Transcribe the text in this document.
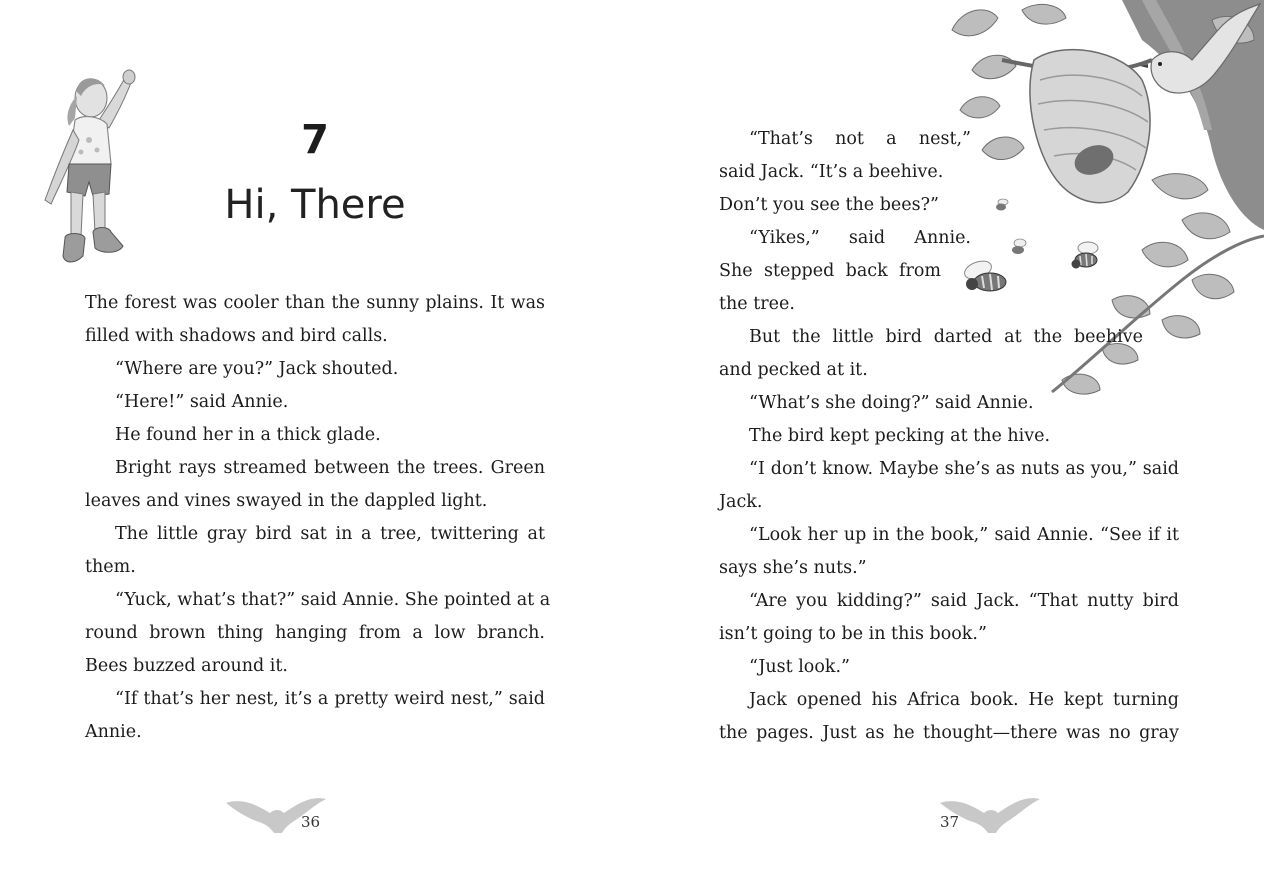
7
Hi, There

The forest was cooler than the sunny plains. It was

filled with shadows and bird calls.

“Where are you?” Jack shouted.

“Here!” said Annie.

He found her in a thick glade.

Bright rays streamed between the trees. Green

leaves and vines swayed in the dappled light.

The little gray bird sat in a tree, twittering at

them.

“Yuck, what’s that?” said Annie. She pointed at a

round brown thing hanging from a low branch.

Bees buzzed around it.

“If that’s her nest, it’s a pretty weird nest,” said

Annie.

36

“That’s not a nest,”

said Jack. “It’s a beehive.

Don’t you see the bees?”

“Yikes,” said Annie.

She stepped back from

the tree.

But the little bird darted at the beehive

and pecked at it.

“What’s she doing?” said Annie.

The bird kept pecking at the hive.

“I don’t know. Maybe she’s as nuts as you,” said

Jack.

“Look her up in the book,” said Annie. “See if it

says she’s nuts.”

“Are you kidding?” said Jack. “That nutty bird

isn’t going to be in this book.”

“Just look.”

Jack opened his Africa book. He kept turning

the pages. Just as he thought—there was no gray

37
